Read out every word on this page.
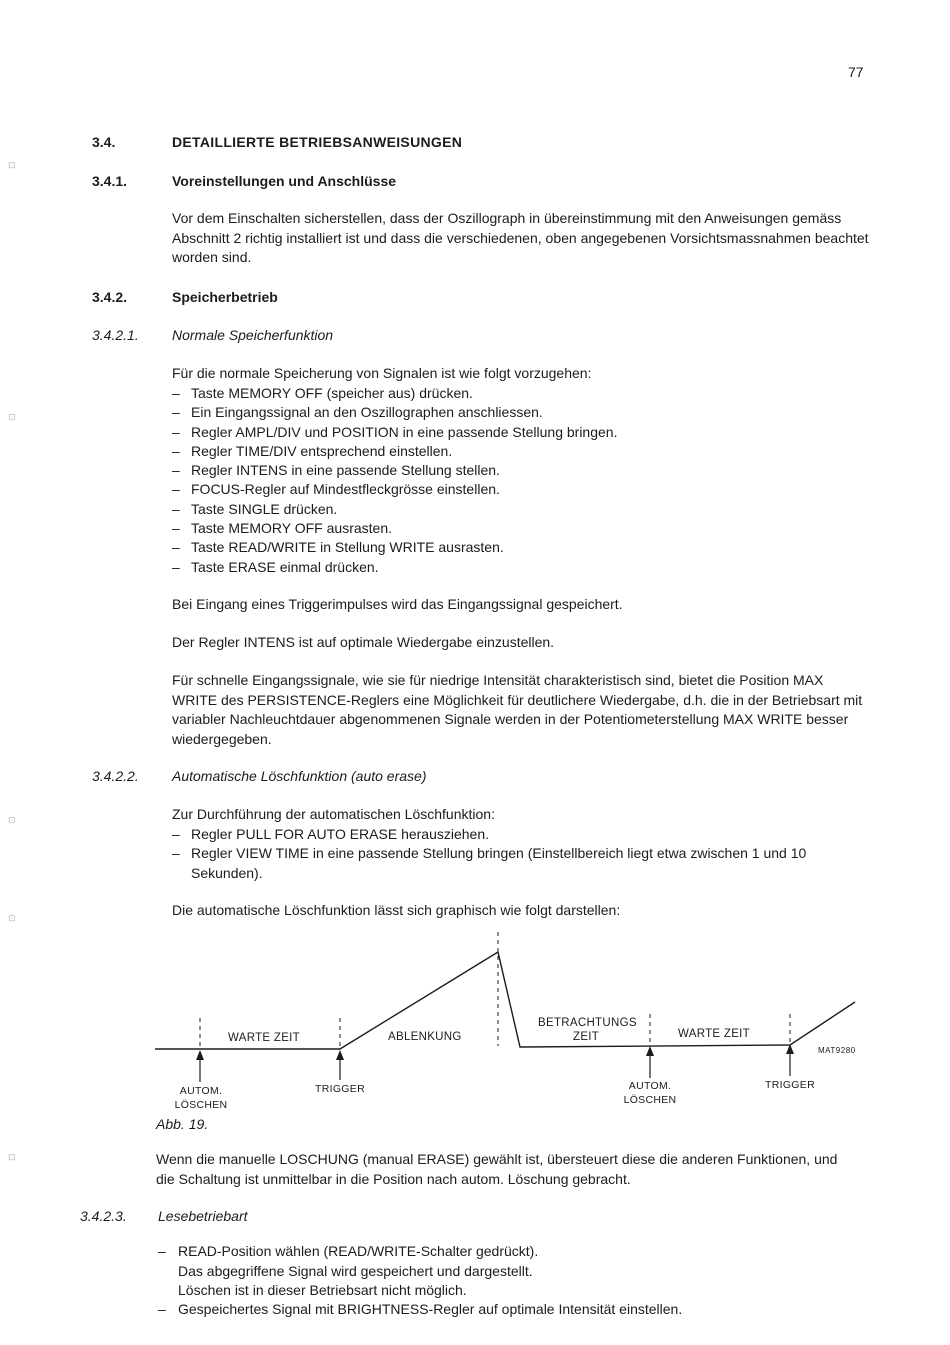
⊡
⊡
⊡
⊡
⊡
77
3.4.	DETAILLIERTE BETRIEBSANWEISUNGEN
3.4.1.	Voreinstellungen und Anschlüsse
Vor dem Einschalten sicherstellen, dass der Oszillograph in übereinstimmung mit den Anweisungen gemäss Abschnitt 2 richtig installiert ist und dass die verschiedenen, oben angegebenen Vorsichtsmassnahmen beachtet worden sind.
3.4.2.	Speicherbetrieb
3.4.2.1. Normale Speicherfunktion
Für die normale Speicherung von Signalen ist wie folgt vorzugehen:
– Taste MEMORY OFF (speicher aus) drücken.
– Ein Eingangssignal an den Oszillographen anschliessen.
– Regler AMPL/DIV und POSITION in eine passende Stellung bringen.
– Regler TIME/DIV entsprechend einstellen.
– Regler INTENS in eine passende Stellung stellen.
– FOCUS-Regler auf Mindestfleckgrösse einstellen.
– Taste SINGLE drücken.
– Taste MEMORY OFF ausrasten.
– Taste READ/WRITE in Stellung WRITE ausrasten.
– Taste ERASE einmal drücken.
Bei Eingang eines Triggerimpulses wird das Eingangssignal gespeichert.
Der Regler INTENS ist auf optimale Wiedergabe einzustellen.
Für schnelle Eingangssignale, wie sie für niedrige Intensität charakteristisch sind, bietet die Position MAX WRITE des PERSISTENCE-Reglers eine Möglichkeit für deutlichere Wiedergabe, d.h. die in der Betriebsart mit variabler Nachleuchtdauer abgenommenen Signale werden in der Potentiometerstellung MAX WRITE besser wiedergegeben.
3.4.2.2. Automatische Löschfunktion (auto erase)
Zur Durchführung der automatischen Löschfunktion:
– Regler PULL FOR AUTO ERASE herausziehen.
– Regler VIEW TIME in eine passende Stellung bringen (Einstellbereich liegt etwa zwischen 1 und 10 Sekunden).
Die automatische Löschfunktion lässt sich graphisch wie folgt darstellen:
WARTE ZEIT	ABLENKUNG
BETRACHTUNGS
ZEIT	WARTE ZEIT
MAT9280
AUTOM.
LÖSCHEN
TRIGGER	AUTOM.
LÖSCHEN
TRIGGER
Abb. 19.
Wenn die manuelle LOSCHUNG (manual ERASE) gewählt ist, übersteuert diese die anderen Funktionen, und die Schaltung ist unmittelbar in die Position nach autom. Löschung gebracht.
3.4.2.3. Lesebetriebart
– READ-Position wählen (READ/WRITE-Schalter gedrückt).
Das abgegriffene Signal wird gespeichert und dargestellt.
Löschen ist in dieser Betriebsart nicht möglich.
– Gespeichertes Signal mit BRIGHTNESS-Regler auf optimale Intensität einstellen.
